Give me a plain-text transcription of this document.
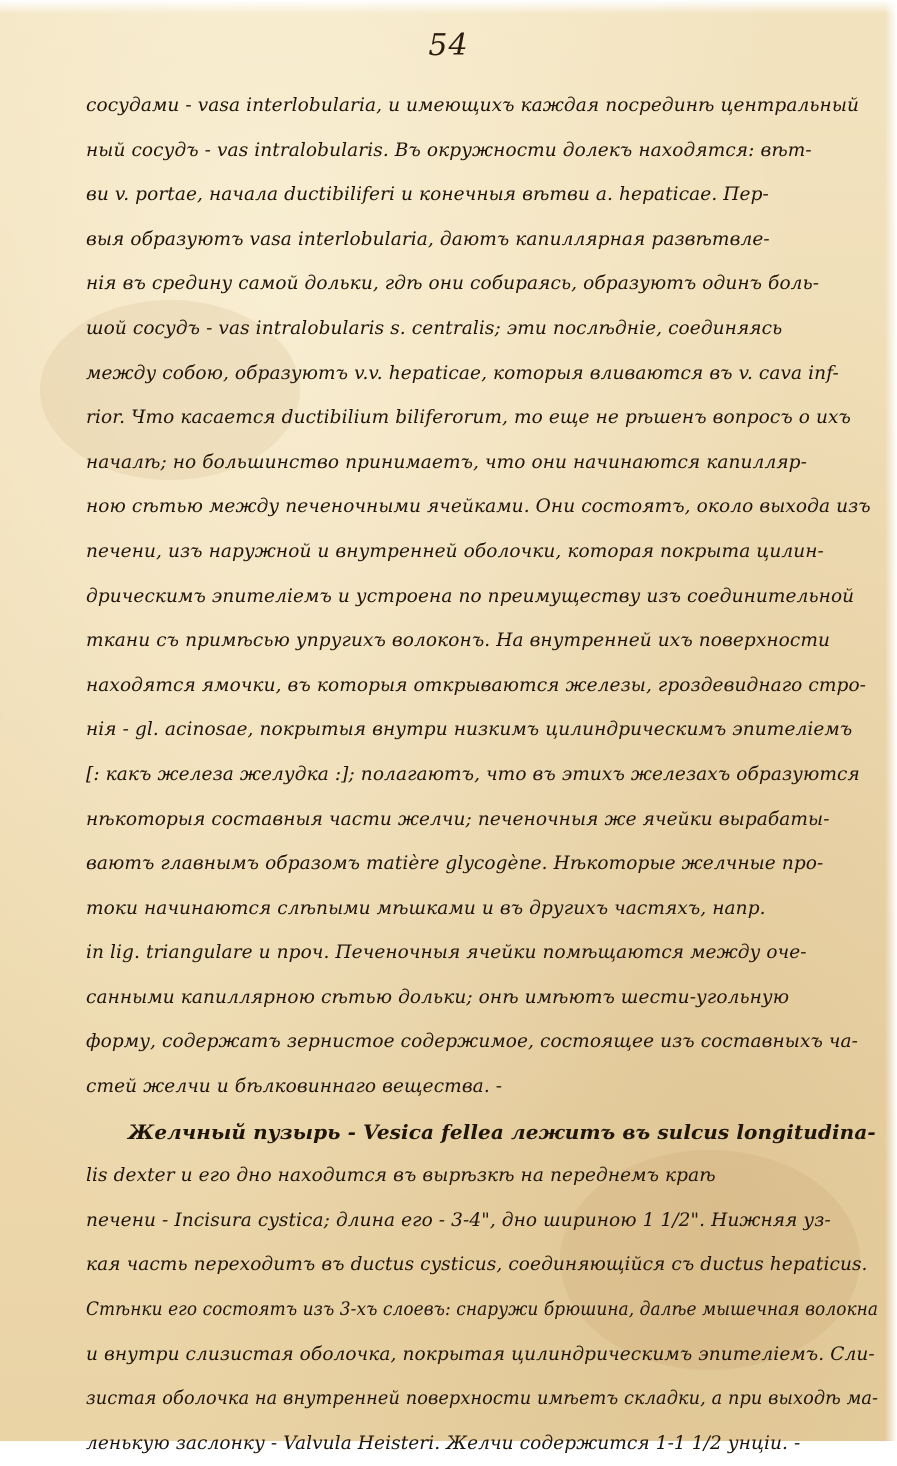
54
сосудами - vasa interlobularia, и имеющихъ каждая посрединѣ центральный
ный сосудъ - vas intralobularis. Въ окружности долекъ находятся: вѣт-
ви v. portae, начала ductibiliferi и конечныя вѣтви a. hepaticae. Пер-
выя образуютъ vasa interlobularia, даютъ капиллярная развѣтвле-
нія въ средину самой дольки, гдѣ они собираясь, образуютъ одинъ боль-
шой сосудъ - vas intralobularis s. centralis; эти послѣдніе, соединяясь
между собою, образуютъ v.v. hepaticae, которыя вливаются въ v. cava inf-
rior. Что касается ductibilium biliferorum, то еще не рѣшенъ вопросъ о ихъ
началѣ; но большинство принимаетъ, что они начинаются капилляр-
ною сѣтью между печеночными ячейками. Они состоятъ, около выхода изъ
печени, изъ наружной и внутренней оболочки, которая покрыта цилин-
дрическимъ эпителіемъ и устроена по преимуществу изъ соединительной
ткани съ примѣсью упругихъ волоконъ. На внутренней ихъ поверхности
находятся ямочки, въ которыя открываются железы, гроздевиднаго стро-
нія - gl. acinosae, покрытыя внутри низкимъ цилиндрическимъ эпителіемъ
[: какъ железа желудка :]; полагаютъ, что въ этихъ железахъ образуются
нѣкоторыя составныя части желчи; печеночныя же ячейки вырабаты-
ваютъ главнымъ образомъ matière glycogène. Нѣкоторые желчные про-
токи начинаются слѣпыми мѣшками и въ другихъ частяхъ, напр.
in lig. triangulare и проч. Печеночныя ячейки помѣщаются между оче-
санными капиллярною сѣтью дольки; онѣ имѣютъ шести-угольную
форму, содержатъ зернистое содержимое, состоящее изъ составныхъ ча-
стей желчи и бѣлковиннаго вещества. -
Желчный пузырь - Vesica fellea лежитъ въ sulcus longitudina-
lis dexter и его дно находится въ вырѣзкѣ на переднемъ краѣ
печени - Incisura cystica; длина его - 3-4", дно шириною 1 1/2". Нижняя уз-
кая часть переходитъ въ ductus cysticus, соединяющійся съ ductus hepaticus.
Стѣнки его состоятъ изъ 3-хъ слоевъ: снаружи брюшина, далѣе мышечная волокна
и внутри слизистая оболочка, покрытая цилиндрическимъ эпителіемъ. Сли-
зистая оболочка на внутренней поверхности имѣетъ складки, а при выходѣ ма-
ленькую заслонку - Valvula Heisteri. Желчи содержится 1-1 1/2 унціи. -
